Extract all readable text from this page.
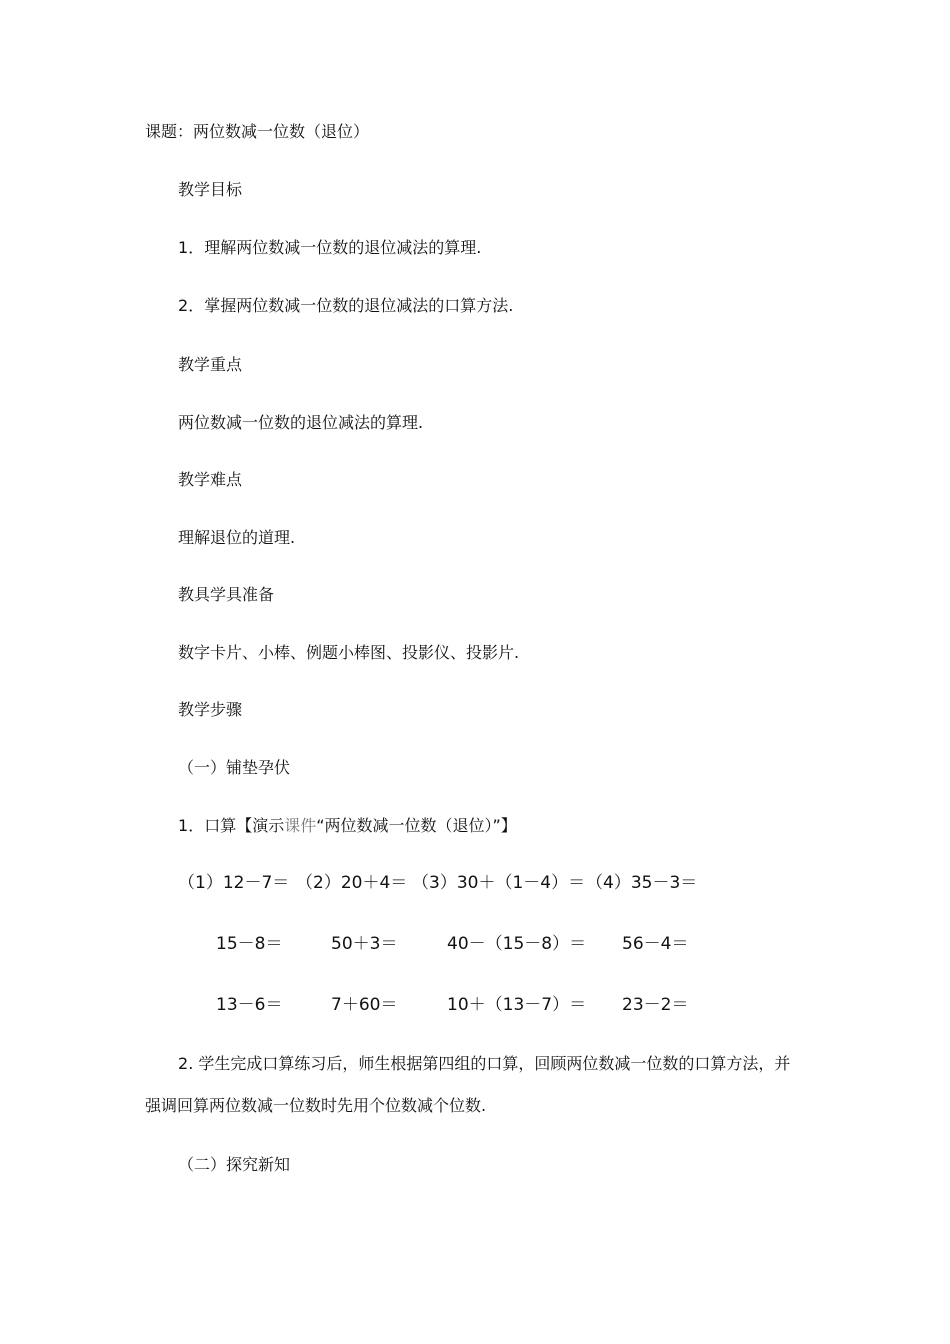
课题：两位数减一位数（退位）
教学目标
1．理解两位数减一位数的退位减法的算理.
2．掌握两位数减一位数的退位减法的口算方法.
教学重点
两位数减一位数的退位减法的算理.
教学难点
理解退位的道理.
教具学具准备
数字卡片、小棒、例题小棒图、投影仪、投影片.
教学步骤
（一）铺垫孕伏
1．口算【演示课件“两位数减一位数（退位）”】
（1）12－7＝ （2）20＋4＝ （3）30＋（1－4）＝ （4）35－3＝
15－8＝	50＋3＝	40－（15－8）＝ 56－4＝
13－6＝	7＋60＝	10＋（13－7）＝ 23－2＝
2. 学生完成口算练习后，师生根据第四组的口算，回顾两位数减一位数的口算方法，并
强调回算两位数减一位数时先用个位数减个位数.
（二）探究新知
